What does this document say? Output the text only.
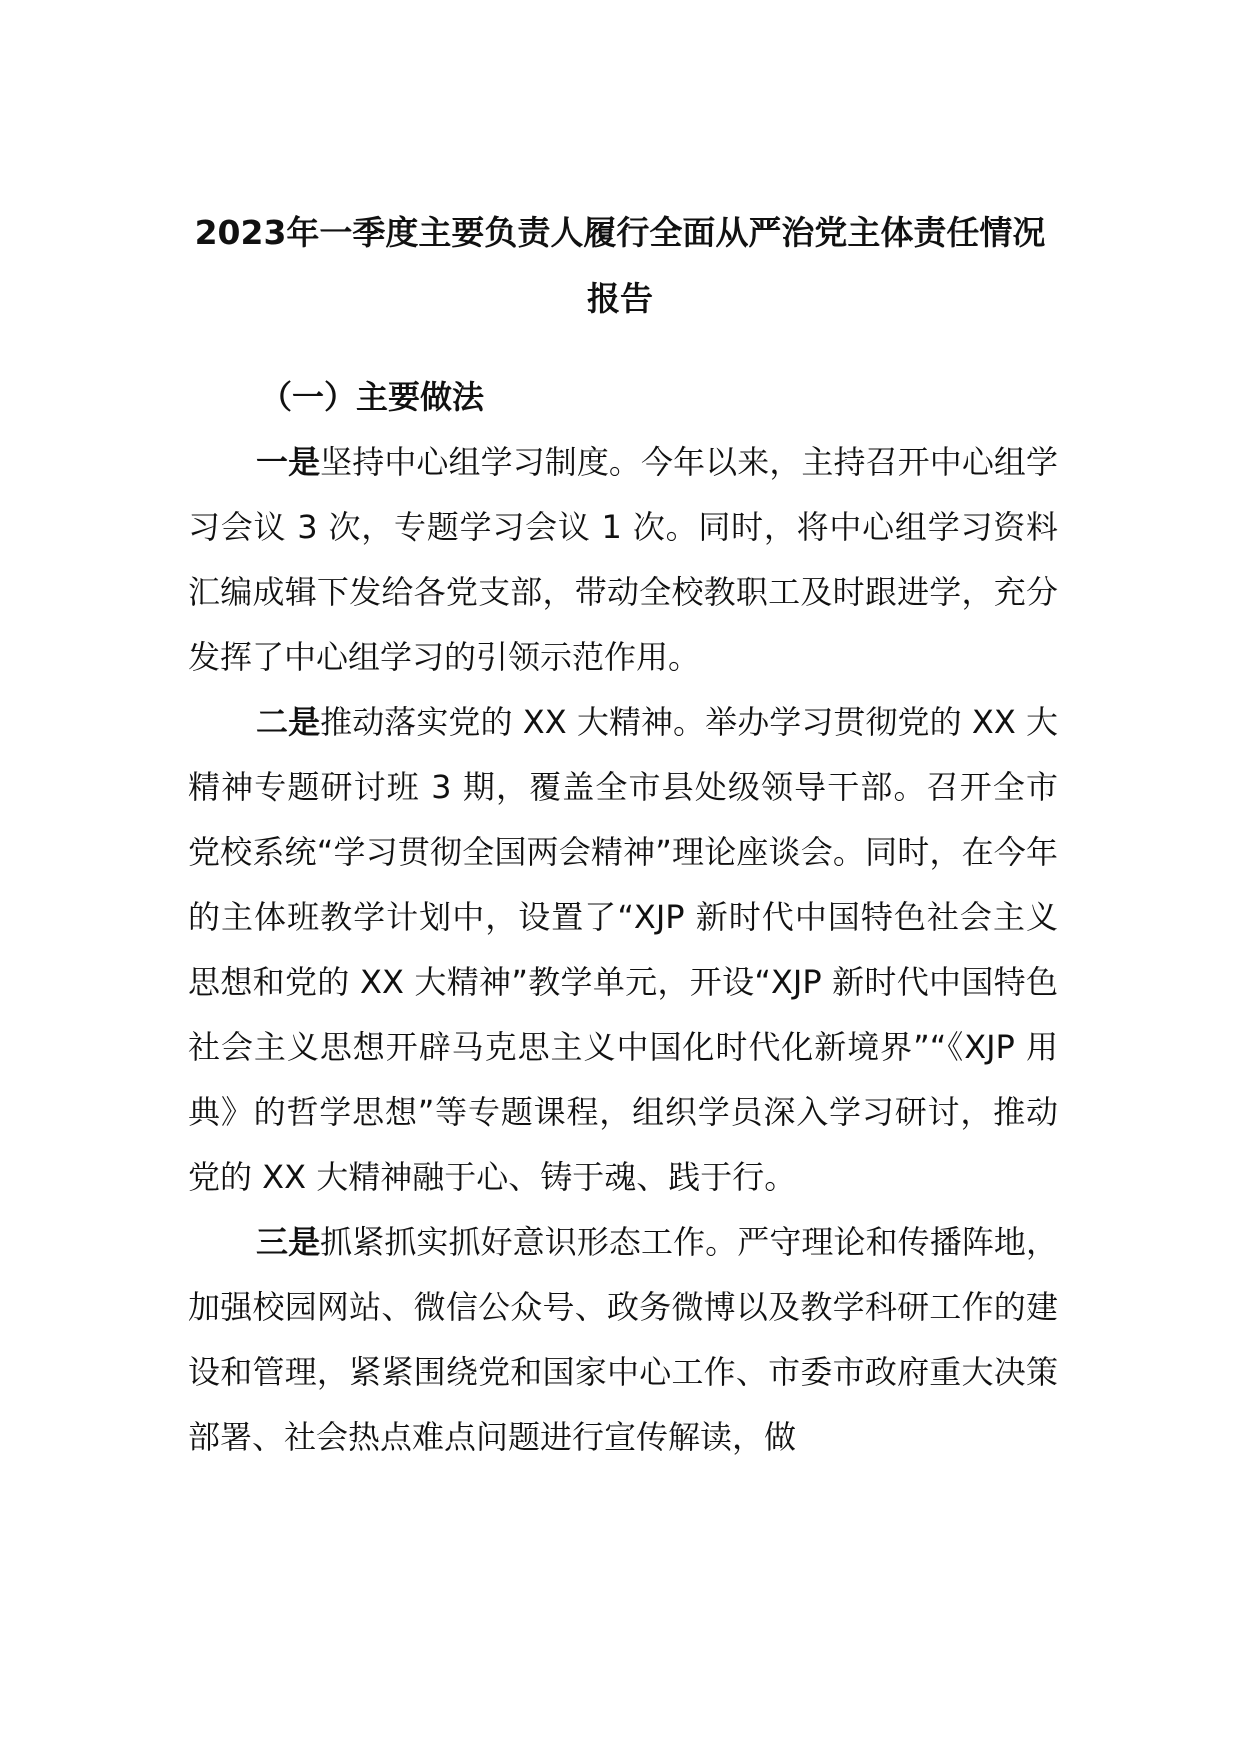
2023年一季度主要负责人履行全面从严治党主体责任情况报告

（一）主要做法

一是坚持中心组学习制度。今年以来，主持召开中心组学习会议 3 次，专题学习会议 1 次。同时，将中心组学习资料汇编成辑下发给各党支部，带动全校教职工及时跟进学，充分发挥了中心组学习的引领示范作用。

二是推动落实党的 XX 大精神。举办学习贯彻党的 XX 大精神专题研讨班 3 期，覆盖全市县处级领导干部。召开全市党校系统“学习贯彻全国两会精神”理论座谈会。同时，在今年的主体班教学计划中，设置了“XJP 新时代中国特色社会主义思想和党的 XX 大精神”教学单元，开设“XJP 新时代中国特色社会主义思想开辟马克思主义中国化时代化新境界”“《XJP 用典》的哲学思想”等专题课程，组织学员深入学习研讨，推动党的 XX 大精神融于心、铸于魂、践于行。

三是抓紧抓实抓好意识形态工作。严守理论和传播阵地，加强校园网站、微信公众号、政务微博以及教学科研工作的建设和管理，紧紧围绕党和国家中心工作、市委市政府重大决策部署、社会热点难点问题进行宣传解读，做
